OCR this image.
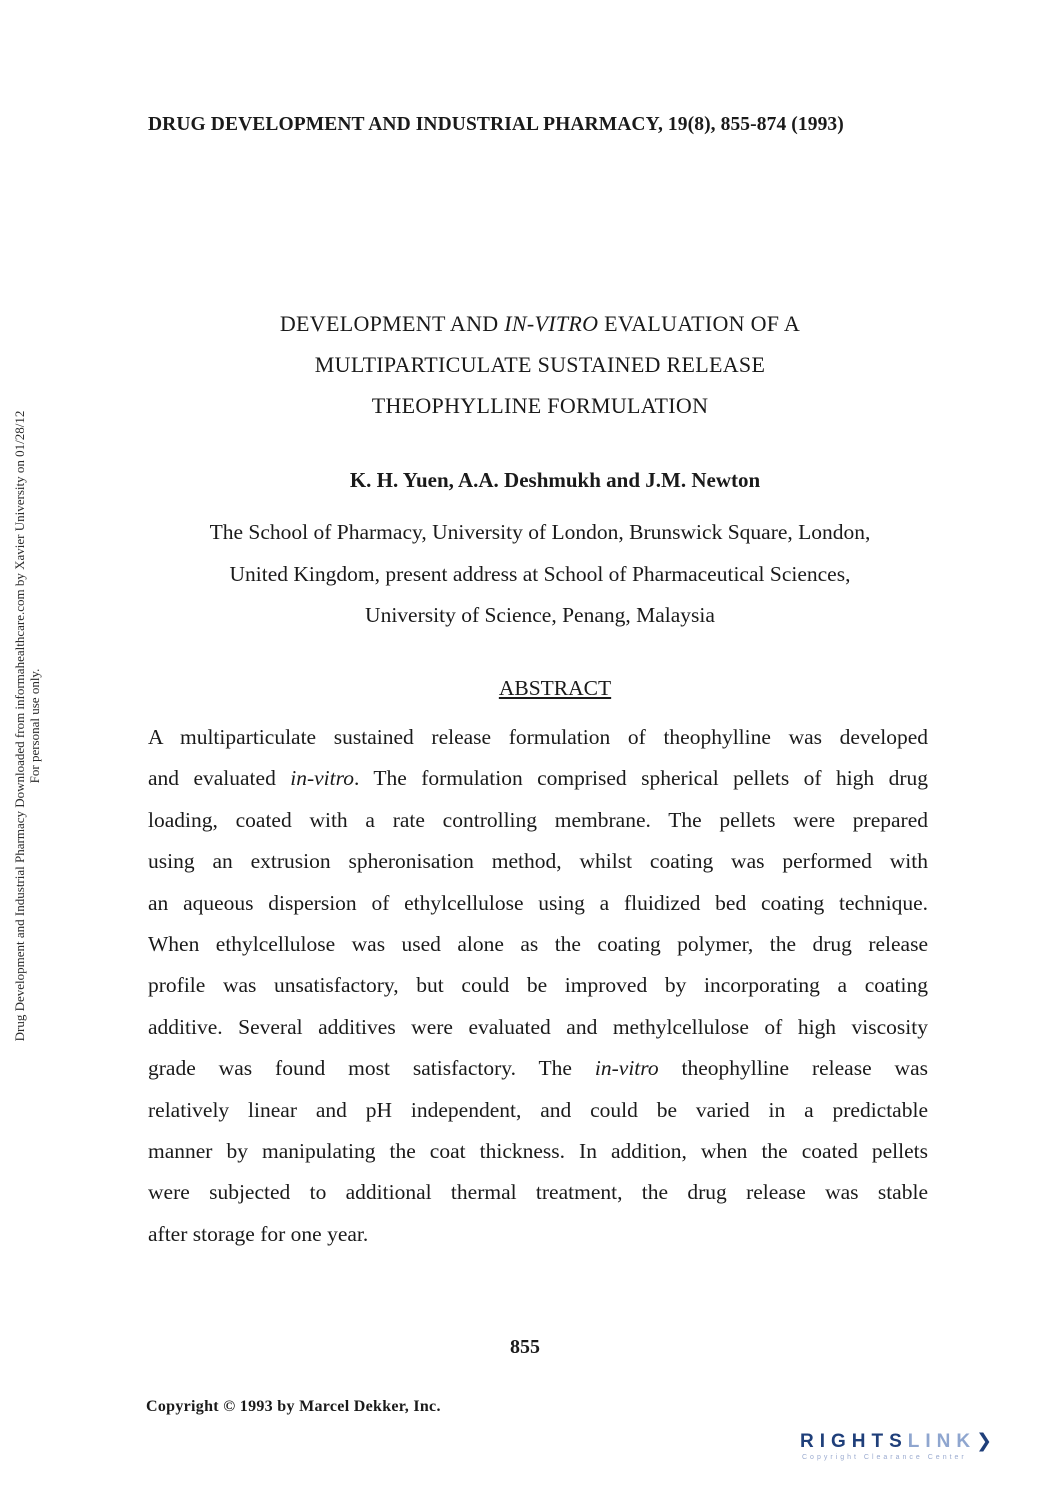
DRUG DEVELOPMENT AND INDUSTRIAL PHARMACY, 19(8), 855-874 (1993)
Drug Development and Industrial Pharmacy Downloaded from informahealthcare.com by Xavier University on 01/28/12 For personal use only.
DEVELOPMENT AND IN-VITRO EVALUATION OF A
MULTIPARTICULATE SUSTAINED RELEASE
THEOPHYLLINE FORMULATION
K. H. Yuen, A.A. Deshmukh and J.M. Newton
The School of Pharmacy, University of London, Brunswick Square, London,
United Kingdom, present address at School of Pharmaceutical Sciences,
University of Science, Penang, Malaysia
ABSTRACT
A multiparticulate sustained release formulation of theophylline was developed
and evaluated in-vitro. The formulation comprised spherical pellets of high drug
loading, coated with a rate controlling membrane. The pellets were prepared
using an extrusion spheronisation method, whilst coating was performed with
an aqueous dispersion of ethylcellulose using a fluidized bed coating technique.
When ethylcellulose was used alone as the coating polymer, the drug release
profile was unsatisfactory, but could be improved by incorporating a coating
additive. Several additives were evaluated and methylcellulose of high viscosity
grade was found most satisfactory. The in-vitro theophylline release was
relatively linear and pH independent, and could be varied in a predictable
manner by manipulating the coat thickness. In addition, when the coated pellets
were subjected to additional thermal treatment, the drug release was stable
after storage for one year.
855
Copyright © 1993 by Marcel Dekker, Inc.
RIGHTSLINK❯
Copyright Clearance Center
